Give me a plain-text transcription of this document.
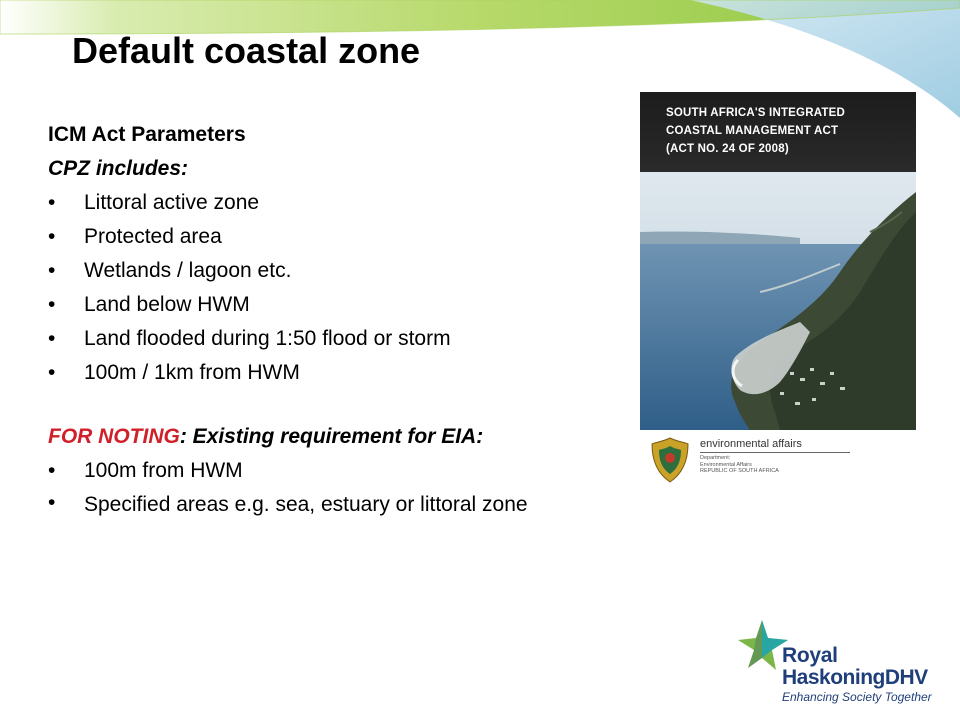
Default coastal zone
ICM Act Parameters
CPZ includes:
• Littoral active zone
• Protected area
• Wetlands / lagoon etc.
• Land below HWM
• Land flooded during 1:50 flood or storm
• 100m / 1km from HWM
FOR NOTING: Existing requirement for EIA:
• 100m from HWM
• Specified areas e.g. sea, estuary or littoral zone
SOUTH AFRICA'S INTEGRATED
COASTAL MANAGEMENT ACT
(ACT NO. 24 OF 2008)
environmental affairs
Department:
Environmental Affairs
REPUBLIC OF SOUTH AFRICA
Royal
HaskoningDHV
Enhancing Society Together
